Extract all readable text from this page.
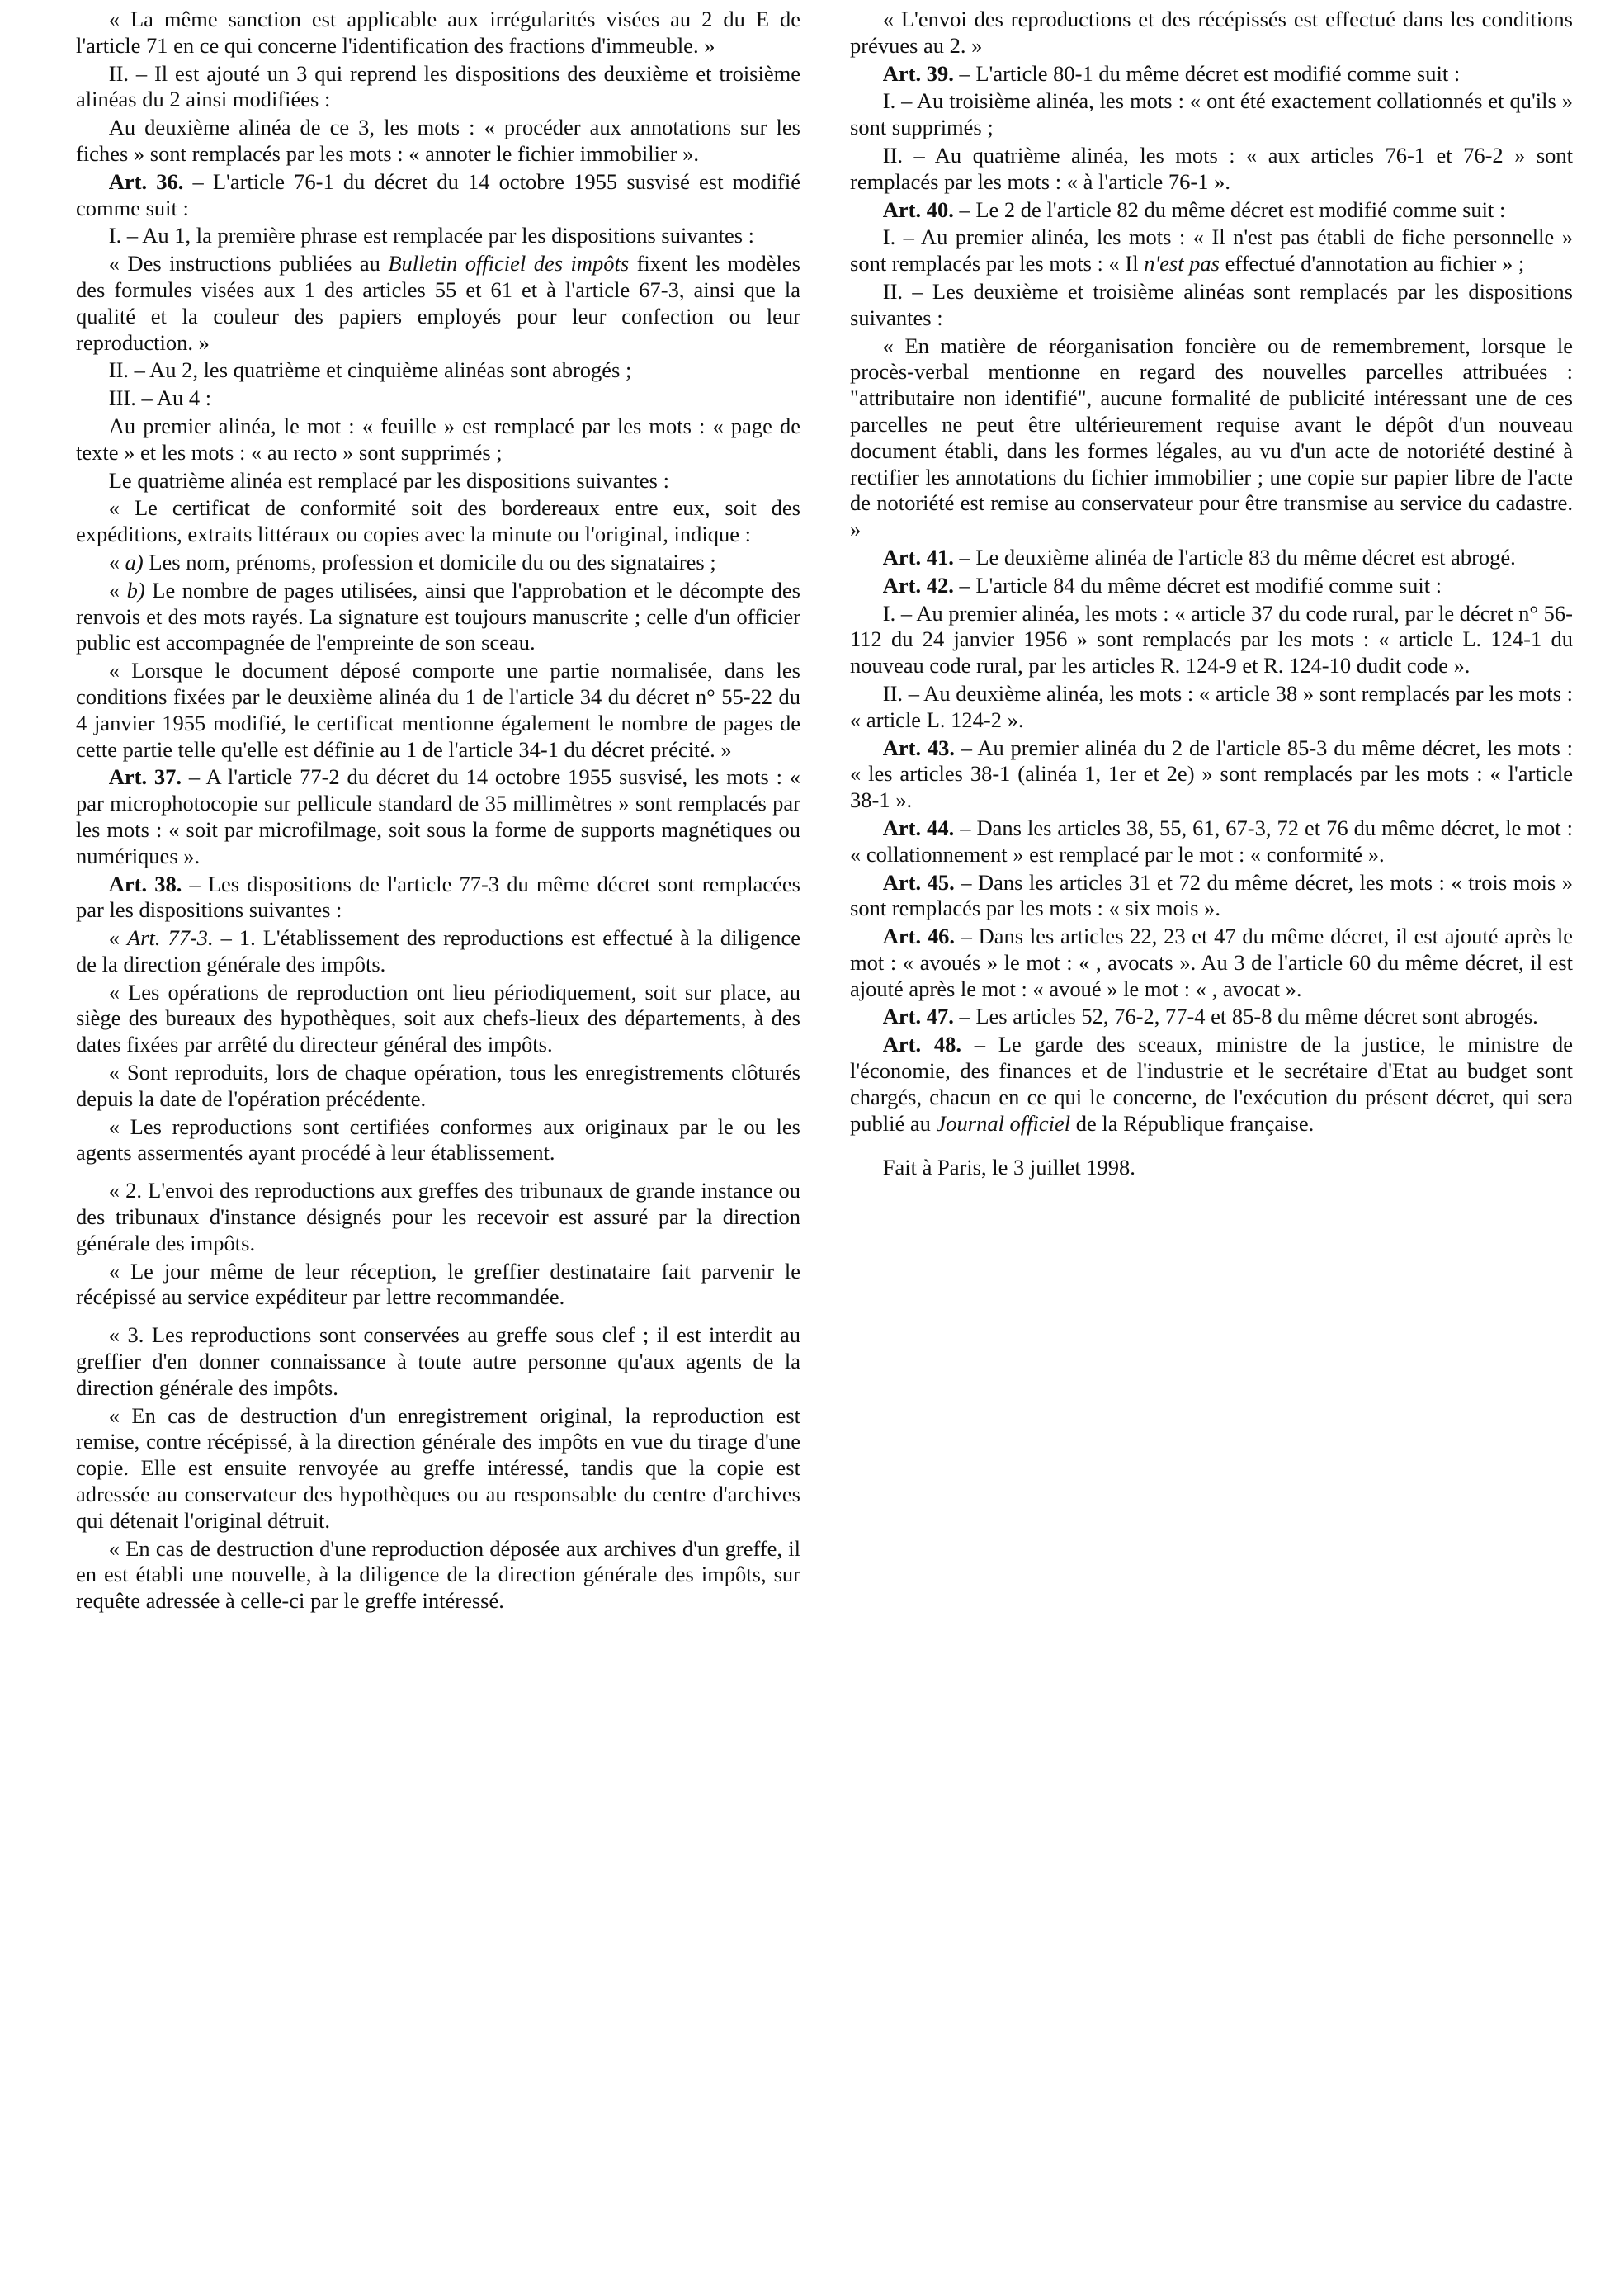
« La même sanction est applicable aux irrégularités visées au 2 du E de l'article 71 en ce qui concerne l'identification des fractions d'immeuble. »

II. – Il est ajouté un 3 qui reprend les dispositions des deuxième et troisième alinéas du 2 ainsi modifiées :

Au deuxième alinéa de ce 3, les mots : « procéder aux annotations sur les fiches » sont remplacés par les mots : « annoter le fichier immobilier ».

Art. 36. – L'article 76-1 du décret du 14 octobre 1955 susvisé est modifié comme suit :

I. – Au 1, la première phrase est remplacée par les dispositions suivantes :

« Des instructions publiées au Bulletin officiel des impôts fixent les modèles des formules visées aux 1 des articles 55 et 61 et à l'article 67-3, ainsi que la qualité et la couleur des papiers employés pour leur confection ou leur reproduction. »

II. – Au 2, les quatrième et cinquième alinéas sont abrogés ;

III. – Au 4 :

Au premier alinéa, le mot : « feuille » est remplacé par les mots : « page de texte » et les mots : « au recto » sont supprimés ;

Le quatrième alinéa est remplacé par les dispositions suivantes :

« Le certificat de conformité soit des bordereaux entre eux, soit des expéditions, extraits littéraux ou copies avec la minute ou l'original, indique :

« a) Les nom, prénoms, profession et domicile du ou des signataires ;

« b) Le nombre de pages utilisées, ainsi que l'approbation et le décompte des renvois et des mots rayés. La signature est toujours manuscrite ; celle d'un officier public est accompagnée de l'empreinte de son sceau.

« Lorsque le document déposé comporte une partie normalisée, dans les conditions fixées par le deuxième alinéa du 1 de l'article 34 du décret n° 55-22 du 4 janvier 1955 modifié, le certificat mentionne également le nombre de pages de cette partie telle qu'elle est définie au 1 de l'article 34-1 du décret précité. »

Art. 37. – A l'article 77-2 du décret du 14 octobre 1955 susvisé, les mots : « par microphotocopie sur pellicule standard de 35 millimètres » sont remplacés par les mots : « soit par microfilmage, soit sous la forme de supports magnétiques ou numériques ».

Art. 38. – Les dispositions de l'article 77-3 du même décret sont remplacées par les dispositions suivantes :

« Art. 77-3. – 1. L'établissement des reproductions est effectué à la diligence de la direction générale des impôts.

« Les opérations de reproduction ont lieu périodiquement, soit sur place, au siège des bureaux des hypothèques, soit aux chefs-lieux des départements, à des dates fixées par arrêté du directeur général des impôts.

« Sont reproduits, lors de chaque opération, tous les enregistrements clôturés depuis la date de l'opération précédente.

« Les reproductions sont certifiées conformes aux originaux par le ou les agents assermentés ayant procédé à leur établissement.

« 2. L'envoi des reproductions aux greffes des tribunaux de grande instance ou des tribunaux d'instance désignés pour les recevoir est assuré par la direction générale des impôts.

« Le jour même de leur réception, le greffier destinataire fait parvenir le récépissé au service expéditeur par lettre recommandée.

« 3. Les reproductions sont conservées au greffe sous clef ; il est interdit au greffier d'en donner connaissance à toute autre personne qu'aux agents de la direction générale des impôts.

« En cas de destruction d'un enregistrement original, la reproduction est remise, contre récépissé, à la direction générale des impôts en vue du tirage d'une copie. Elle est ensuite renvoyée au greffe intéressé, tandis que la copie est adressée au conservateur des hypothèques ou au responsable du centre d'archives qui détenait l'original détruit.

« En cas de destruction d'une reproduction déposée aux archives d'un greffe, il en est établi une nouvelle, à la diligence de la direction générale des impôts, sur requête adressée à celle-ci par le greffe intéressé.

« L'envoi des reproductions et des récépissés est effectué dans les conditions prévues au 2. »

Art. 39. – L'article 80-1 du même décret est modifié comme suit :

I. – Au troisième alinéa, les mots : « ont été exactement collationnés et qu'ils » sont supprimés ;

II. – Au quatrième alinéa, les mots : « aux articles 76-1 et 76-2 » sont remplacés par les mots : « à l'article 76-1 ».

Art. 40. – Le 2 de l'article 82 du même décret est modifié comme suit :

I. – Au premier alinéa, les mots : « Il n'est pas établi de fiche personnelle » sont remplacés par les mots : « Il n'est pas effectué d'annotation au fichier » ;

II. – Les deuxième et troisième alinéas sont remplacés par les dispositions suivantes :

« En matière de réorganisation foncière ou de remembrement, lorsque le procès-verbal mentionne en regard des nouvelles parcelles attribuées : "attributaire non identifié", aucune formalité de publicité intéressant une de ces parcelles ne peut être ultérieurement requise avant le dépôt d'un nouveau document établi, dans les formes légales, au vu d'un acte de notoriété destiné à rectifier les annotations du fichier immobilier ; une copie sur papier libre de l'acte de notoriété est remise au conservateur pour être transmise au service du cadastre. »

Art. 41. – Le deuxième alinéa de l'article 83 du même décret est abrogé.

Art. 42. – L'article 84 du même décret est modifié comme suit :

I. – Au premier alinéa, les mots : « article 37 du code rural, par le décret n° 56-112 du 24 janvier 1956 » sont remplacés par les mots : « article L. 124-1 du nouveau code rural, par les articles R. 124-9 et R. 124-10 dudit code ».

II. – Au deuxième alinéa, les mots : « article 38 » sont remplacés par les mots : « article L. 124-2 ».

Art. 43. – Au premier alinéa du 2 de l'article 85-3 du même décret, les mots : « les articles 38-1 (alinéa 1, 1er et 2e) » sont remplacés par les mots : « l'article 38-1 ».

Art. 44. – Dans les articles 38, 55, 61, 67-3, 72 et 76 du même décret, le mot : « collationnement » est remplacé par le mot : « conformité ».

Art. 45. – Dans les articles 31 et 72 du même décret, les mots : « trois mois » sont remplacés par les mots : « six mois ».

Art. 46. – Dans les articles 22, 23 et 47 du même décret, il est ajouté après le mot : « avoués » le mot : « , avocats ». Au 3 de l'article 60 du même décret, il est ajouté après le mot : « avoué » le mot : « , avocat ».

Art. 47. – Les articles 52, 76-2, 77-4 et 85-8 du même décret sont abrogés.

Art. 48. – Le garde des sceaux, ministre de la justice, le ministre de l'économie, des finances et de l'industrie et le secrétaire d'Etat au budget sont chargés, chacun en ce qui le concerne, de l'exécution du présent décret, qui sera publié au Journal officiel de la République française.

Fait à Paris, le 3 juillet 1998.
